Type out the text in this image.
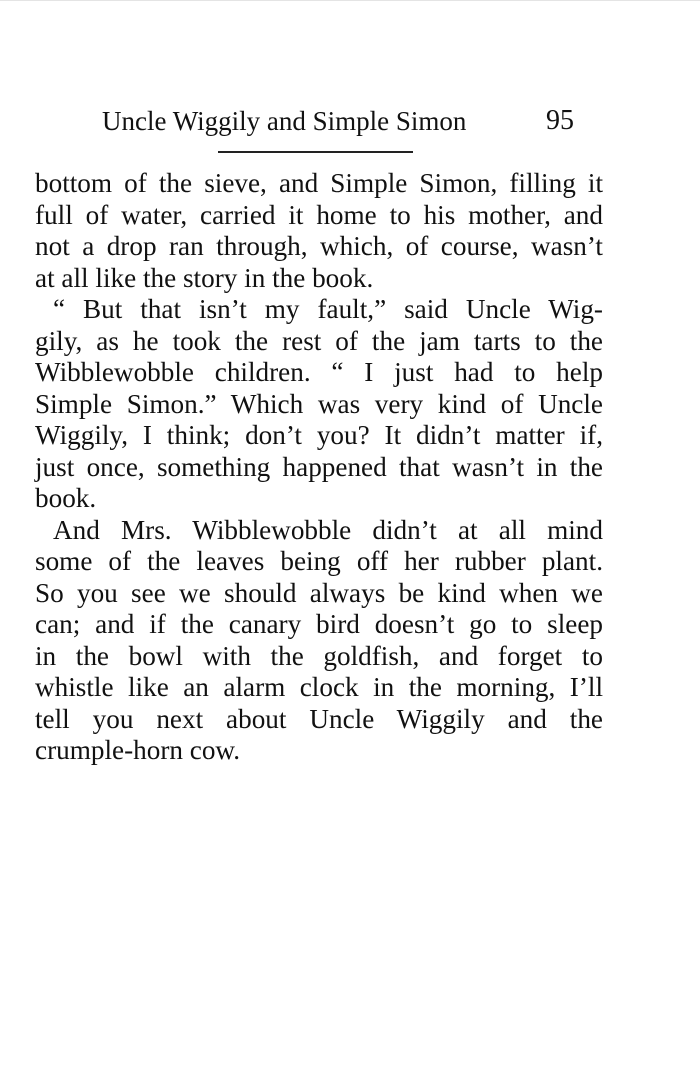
Uncle Wiggily and Simple Simon	95
bottom of the sieve, and Simple Simon, filling it
full of water, carried it home to his mother, and
not a drop ran through, which, of course, wasn’t
at all like the story in the book.
“ But that isn’t my fault,” said Uncle Wig-
gily, as he took the rest of the jam tarts to the
Wibblewobble children. “ I just had to help
Simple Simon.” Which was very kind of Uncle
Wiggily, I think; don’t you? It didn’t matter if,
just once, something happened that wasn’t in the
book.
And Mrs. Wibblewobble didn’t at all mind
some of the leaves being off her rubber plant.
So you see we should always be kind when we
can; and if the canary bird doesn’t go to sleep
in the bowl with the goldfish, and forget to
whistle like an alarm clock in the morning, I’ll
tell you next about Uncle Wiggily and the
crumple-horn cow.
